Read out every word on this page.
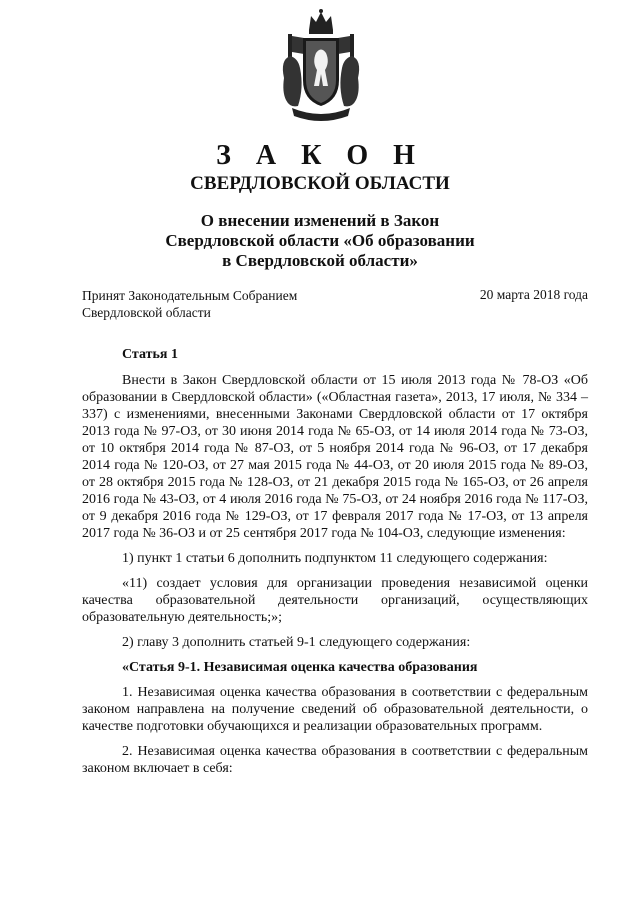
З А К О Н
СВЕРДЛОВСКОЙ ОБЛАСТИ
О внесении изменений в Закон
Свердловской области «Об образовании
в Свердловской области»
Принят Законодательным Собранием
Свердловской области
20 марта 2018 года
Статья 1

Внести в Закон Свердловской области от 15 июля 2013 года № 78-ОЗ «Об образовании в Свердловской области» («Областная газета», 2013, 17 июля, № 334 – 337) с изменениями, внесенными Законами Свердловской области от 17 октября 2013 года № 97-ОЗ, от 30 июня 2014 года № 65-ОЗ, от 14 июля 2014 года № 73-ОЗ, от 10 октября 2014 года № 87-ОЗ, от 5 ноября 2014 года № 96-ОЗ, от 17 декабря 2014 года № 120-ОЗ, от 27 мая 2015 года № 44-ОЗ, от 20 июля 2015 года № 89-ОЗ, от 28 октября 2015 года № 128-ОЗ, от 21 декабря 2015 года № 165-ОЗ, от 26 апреля 2016 года № 43-ОЗ, от 4 июля 2016 года № 75-ОЗ, от 24 ноября 2016 года № 117-ОЗ, от 9 декабря 2016 года № 129-ОЗ, от 17 февраля 2017 года № 17-ОЗ, от 13 апреля 2017 года № 36-ОЗ и от 25 сентября 2017 года № 104-ОЗ, следующие изменения:

1) пункт 1 статьи 6 дополнить подпунктом 11 следующего содержания:

«11) создает условия для организации проведения независимой оценки качества образовательной деятельности организаций, осуществляющих образовательную деятельность;»;

2) главу 3 дополнить статьей 9-1 следующего содержания:

«Статья 9-1. Независимая оценка качества образования

1. Независимая оценка качества образования в соответствии с федеральным законом направлена на получение сведений об образовательной деятельности, о качестве подготовки обучающихся и реализации образовательных программ.

2. Независимая оценка качества образования в соответствии с федеральным законом включает в себя:
